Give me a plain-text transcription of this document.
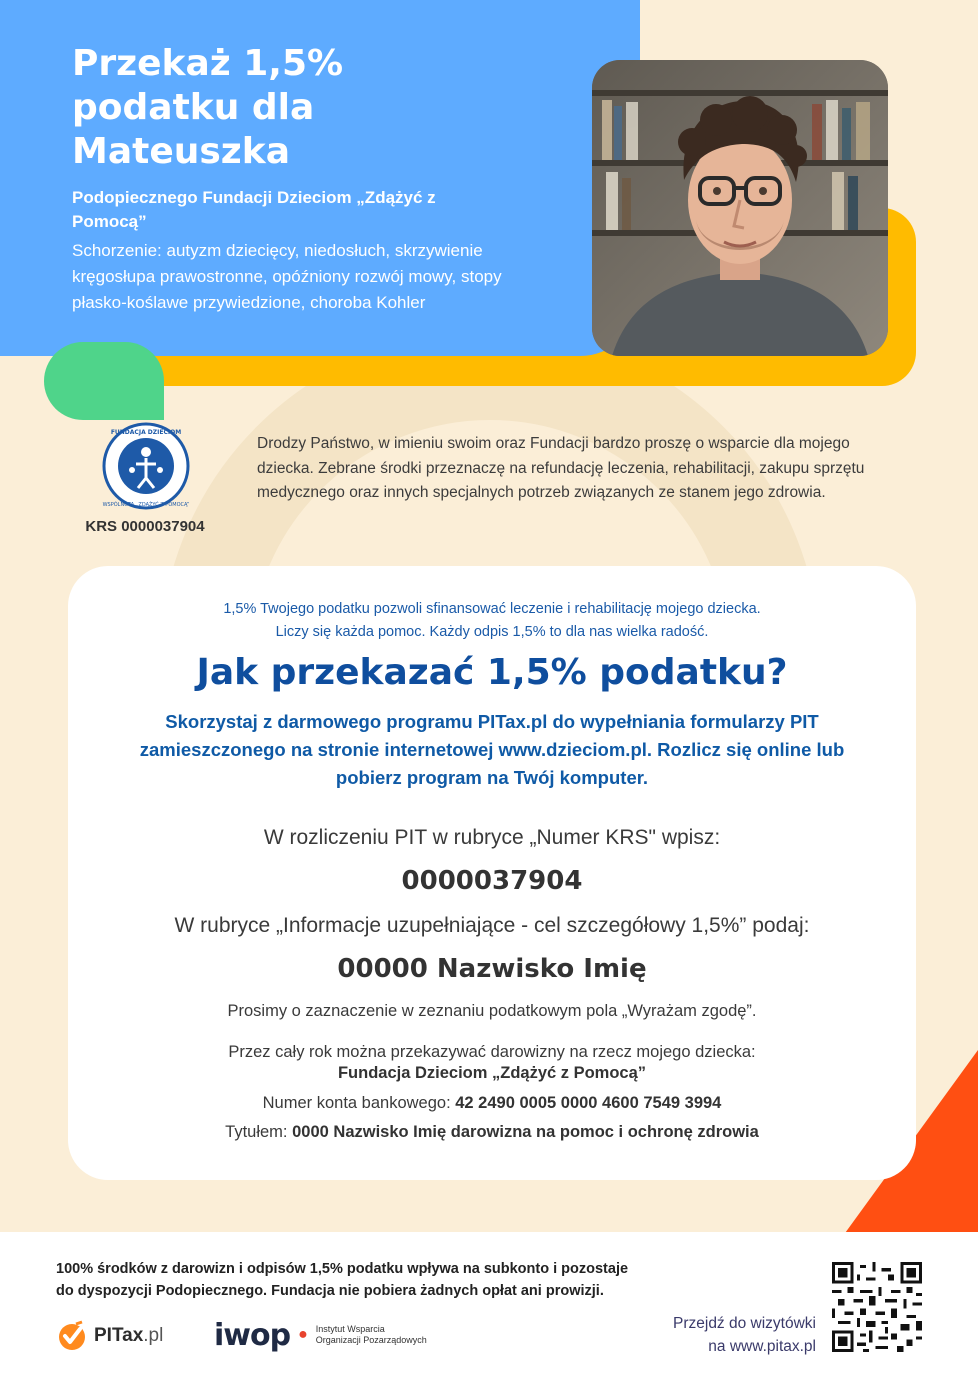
Przekaż 1,5% podatku dla Mateuszka
Podopiecznego Fundacji Dzieciom „Zdążyć z Pomocą”
Schorzenie: autyzm dziecięcy, niedosłuch, skrzywienie kręgosłupa prawostronne, opóźniony rozwój mowy, stopy płasko-koślawe przywiedzione, choroba Kohler
FUNDACJA DZIECIOM
WSPÓLNOTA „ZDĄŻYĆ Z POMOCĄ”
KRS 0000037904

Drodzy Państwo, w imieniu swoim oraz Fundacji bardzo proszę o wsparcie dla mojego dziecka. Zebrane środki przeznaczę na refundację leczenia, rehabilitacji, zakupu sprzętu medycznego oraz innych specjalnych potrzeb związanych ze stanem jego zdrowia.

1,5% Twojego podatku pozwoli sfinansować leczenie i rehabilitację mojego dziecka.
Liczy się każda pomoc. Każdy odpis 1,5% to dla nas wielka radość.
Jak przekazać 1,5% podatku?

Skorzystaj z darmowego programu PITax.pl do wypełniania formularzy PIT zamieszczonego na stronie internetowej www.dzieciom.pl. Rozlicz się online lub pobierz program na Twój komputer.

W rozliczeniu PIT w rubryce „Numer KRS" wpisz:
0000037904
W rubryce „Informacje uzupełniające - cel szczegółowy 1,5%” podaj:
00000 Nazwisko Imię
Prosimy o zaznaczenie w zeznaniu podatkowym pola „Wyrażam zgodę”.
Przez cały rok można przekazywać darowizny na rzecz mojego dziecka:
Fundacja Dzieciom „Zdążyć z Pomocą”
Numer konta bankowego: 42 2490 0005 0000 4600 7549 3994
Tytułem: 0000 Nazwisko Imię darowizna na pomoc i ochronę zdrowia
100% środków z darowizn i odpisów 1,5% podatku wpływa na subkonto i pozostaje
do dyspozycji Podopiecznego. Fundacja nie pobiera żadnych opłat ani prowizji.
PITax.pl iwop ● Instytut Wsparcia
Organizacji Pozarządowych
Przejdź do wizytówki
na www.pitax.pl
